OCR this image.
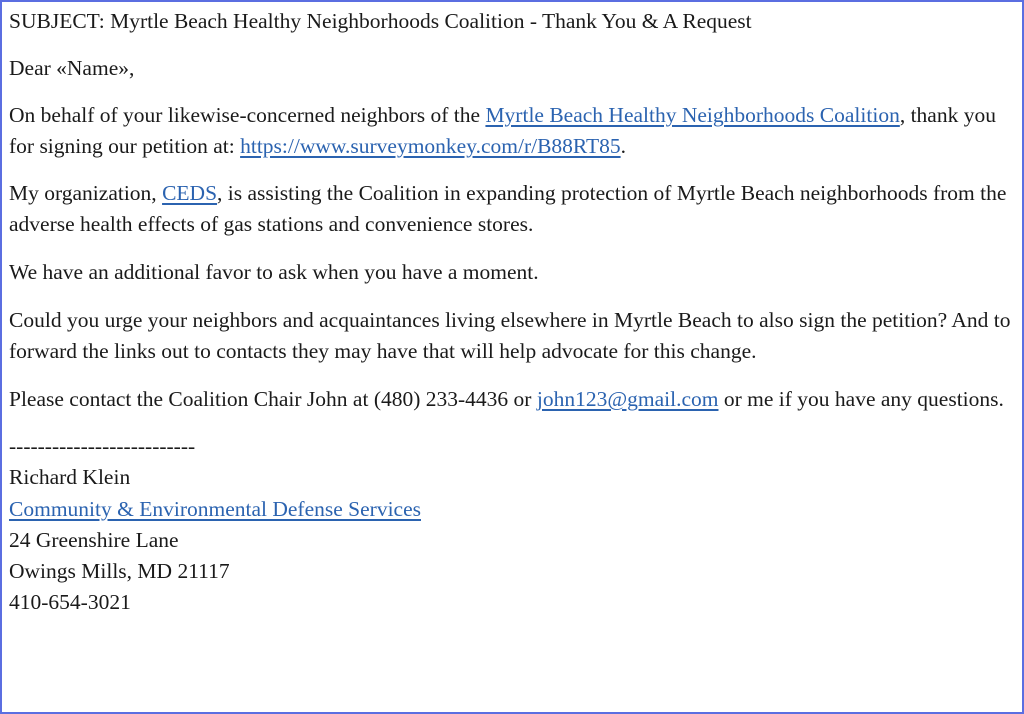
SUBJECT: Myrtle Beach Healthy Neighborhoods Coalition - Thank You & A Request

Dear «Name»,

On behalf of your likewise-concerned neighbors of the Myrtle Beach Healthy Neighborhoods Coalition, thank you for signing our petition at: https://www.surveymonkey.com/r/B88RT85.

My organization, CEDS, is assisting the Coalition in expanding protection of Myrtle Beach neighborhoods from the adverse health effects of gas stations and convenience stores.

We have an additional favor to ask when you have a moment.

Could you urge your neighbors and acquaintances living elsewhere in Myrtle Beach to also sign the petition? And to forward the links out to contacts they may have that will help advocate for this change.

Please contact the Coalition Chair John at (480) 233-4436 or john123@gmail.com or me if you have any questions.

--------------------------

Richard Klein

Community & Environmental Defense Services

24 Greenshire Lane

Owings Mills, MD 21117

410-654-3021
